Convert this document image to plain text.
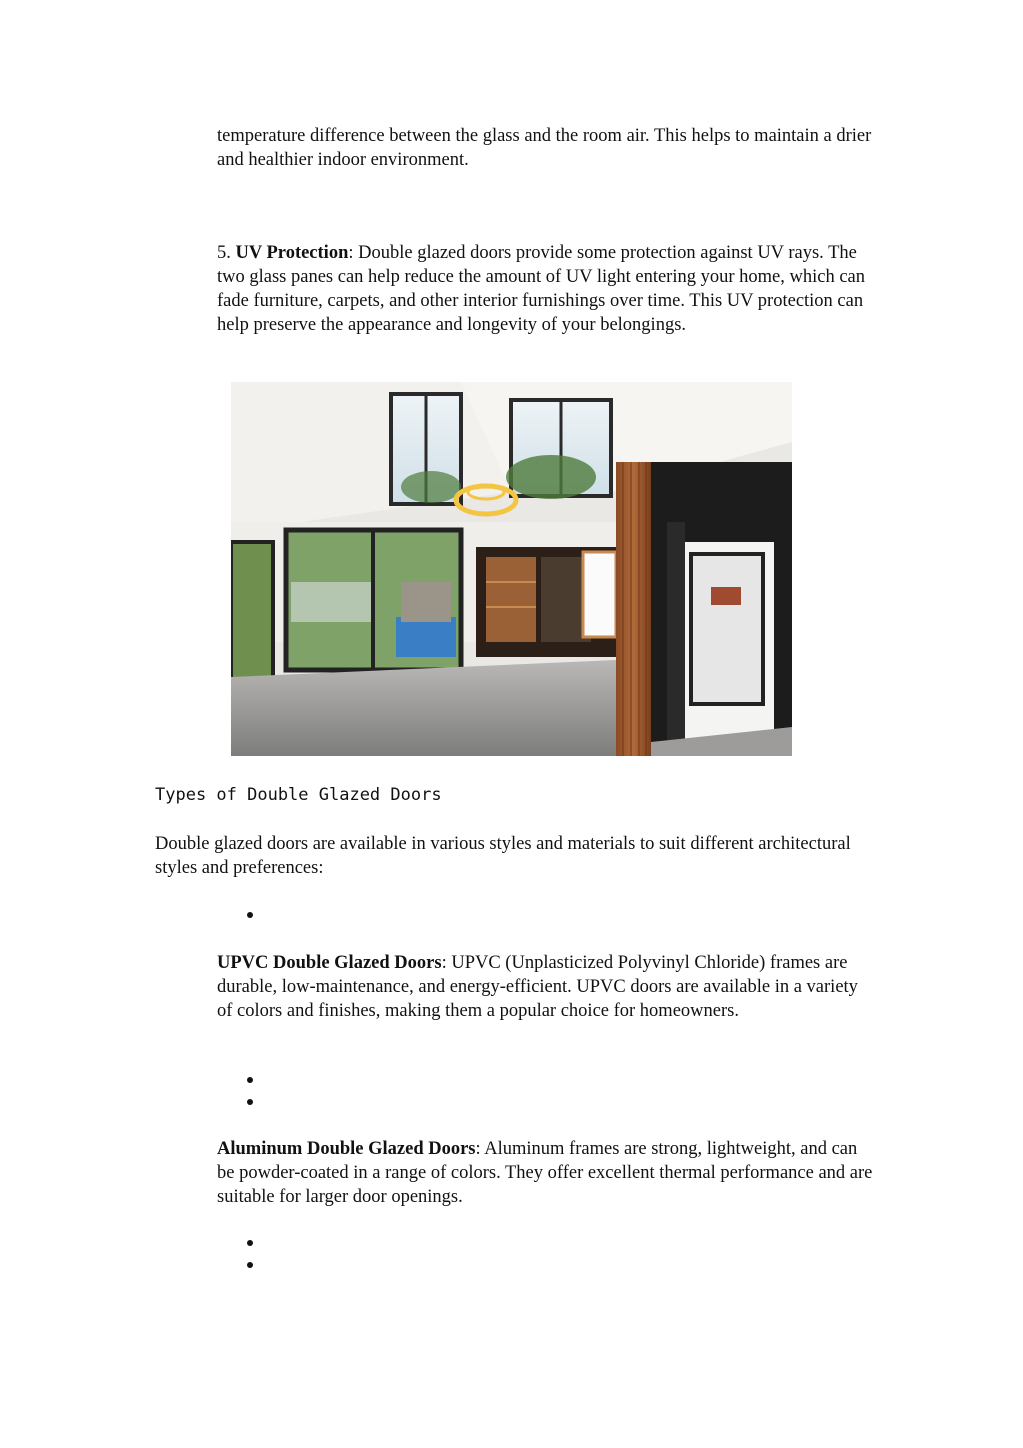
temperature difference between the glass and the room air. This helps to maintain a drier and healthier indoor environment.

5. UV Protection: Double glazed doors provide some protection against UV rays. The two glass panes can help reduce the amount of UV light entering your home, which can fade furniture, carpets, and other interior furnishings over time. This UV protection can help preserve the appearance and longevity of your belongings.

Types of Double Glazed Doors

Double glazed doors are available in various styles and materials to suit different architectural styles and preferences:

UPVC Double Glazed Doors: UPVC (Unplasticized Polyvinyl Chloride) frames are durable, low-maintenance, and energy-efficient. UPVC doors are available in a variety of colors and finishes, making them a popular choice for homeowners.

Aluminum Double Glazed Doors: Aluminum frames are strong, lightweight, and can be powder-coated in a range of colors. They offer excellent thermal performance and are suitable for larger door openings.
